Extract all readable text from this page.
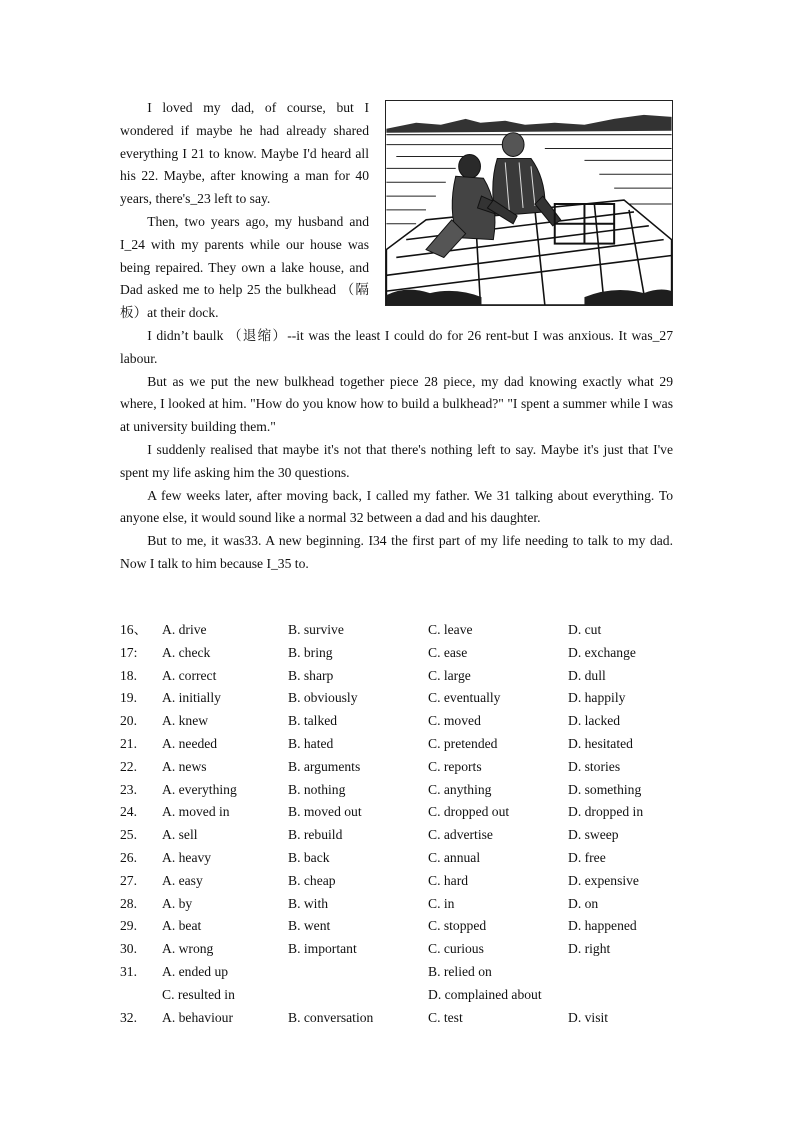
I loved my dad, of course, but I wondered if maybe he had already shared everything I 21 to know. Maybe I'd heard all his 22. Maybe, after knowing a man for 40 years, there's_23 left to say.

Then, two years ago, my husband and I_24 with my parents while our house was being repaired. They own a lake house, and Dad asked me to help 25 the bulkhead （隔板）at their dock.

I didn’t baulk （退缩）--it was the least I could do for 26 rent-but I was anxious. It was_27 labour.

But as we put the new bulkhead together piece 28 piece, my dad knowing exactly what 29 where, I looked at him. "How do you know how to build a bulkhead?" "I spent a summer while I was at university building them."

I suddenly realised that maybe it's not that there's nothing left to say. Maybe it's just that I've spent my life asking him the 30 questions.

A few weeks later, after moving back, I called my father. We 31 talking about everything. To anyone else, it would sound like a normal 32 between a dad and his daughter.

But to me, it was33. A new beginning. I34 the first part of my life needing to talk to my dad. Now I talk to him because I_35 to.

16、 A. drive	B. survive	C. leave	D. cut
17: A. check	B. bring	C. ease	D. exchange
18. A. correct	B. sharp	C. large	D. dull
19. A. initially	B. obviously	C. eventually	D. happily
20. A. knew	B. talked	C. moved	D. lacked
21. A. needed	B. hated	C. pretended	D. hesitated
22. A. news	B. arguments	C. reports	D. stories
23. A. everything	B. nothing	C. anything	D. something
24. A. moved in	B. moved out	C. dropped out	D. dropped in
25. A. sell	B. rebuild	C. advertise	D. sweep
26. A. heavy	B. back	C. annual	D. free
27. A. easy	B. cheap	C. hard	D. expensive
28. A. by	B. with	C. in	D. on
29. A. beat	B. went	C. stopped	D. happened
30. A. wrong	B. important	C. curious	D. right
31. A. ended up	B. relied on
C. resulted in	D. complained about
32. A. behaviour	B. conversation	C. test	D. visit
